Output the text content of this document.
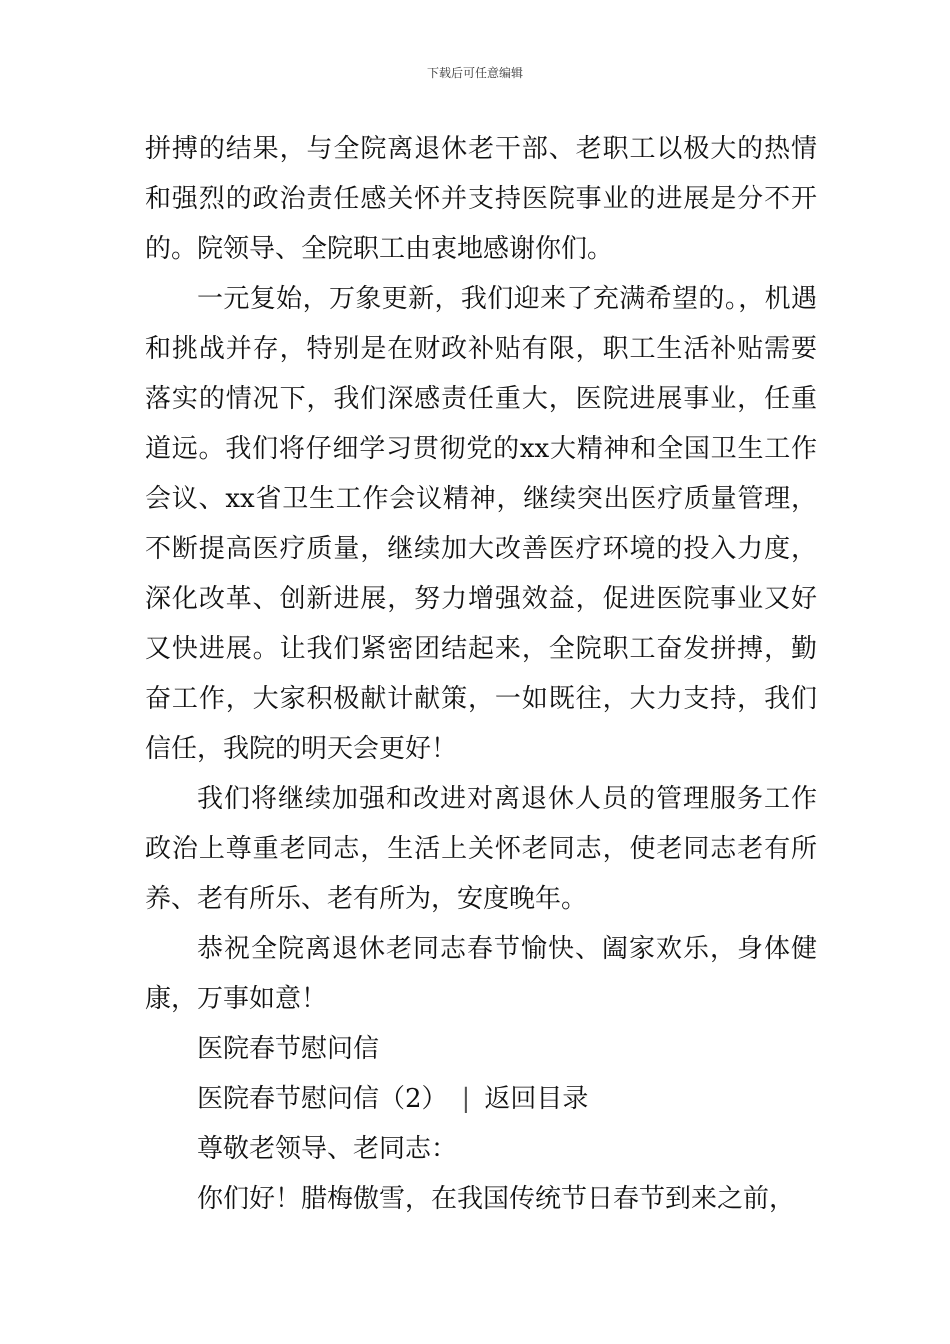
下载后可任意编辑

拼搏的结果，与全院离退休老干部、老职工以极大的热情和强烈的政治责任感关怀并支持医院事业的进展是分不开的。院领导、全院职工由衷地感谢你们。

一元复始，万象更新，我们迎来了充满希望的。，机遇和挑战并存，特别是在财政补贴有限，职工生活补贴需要落实的情况下，我们深感责任重大，医院进展事业，任重道远。我们将仔细学习贯彻党的xx大精神和全国卫生工作会议、xx省卫生工作会议精神，继续突出医疗质量管理，不断提高医疗质量，继续加大改善医疗环境的投入力度，深化改革、创新进展，努力增强效益，促进医院事业又好又快进展。让我们紧密团结起来，全院职工奋发拼搏，勤奋工作，大家积极献计献策，一如既往，大力支持，我们信任，我院的明天会更好！

我们将继续加强和改进对离退休人员的管理服务工作政治上尊重老同志，生活上关怀老同志，使老同志老有所养、老有所乐、老有所为，安度晚年。

恭祝全院离退休老同志春节愉快、阖家欢乐，身体健康，万事如意！

医院春节慰问信

医院春节慰问信（2） | 返回目录

尊敬老领导、老同志：

你们好！腊梅傲雪，在我国传统节日春节到来之前，
